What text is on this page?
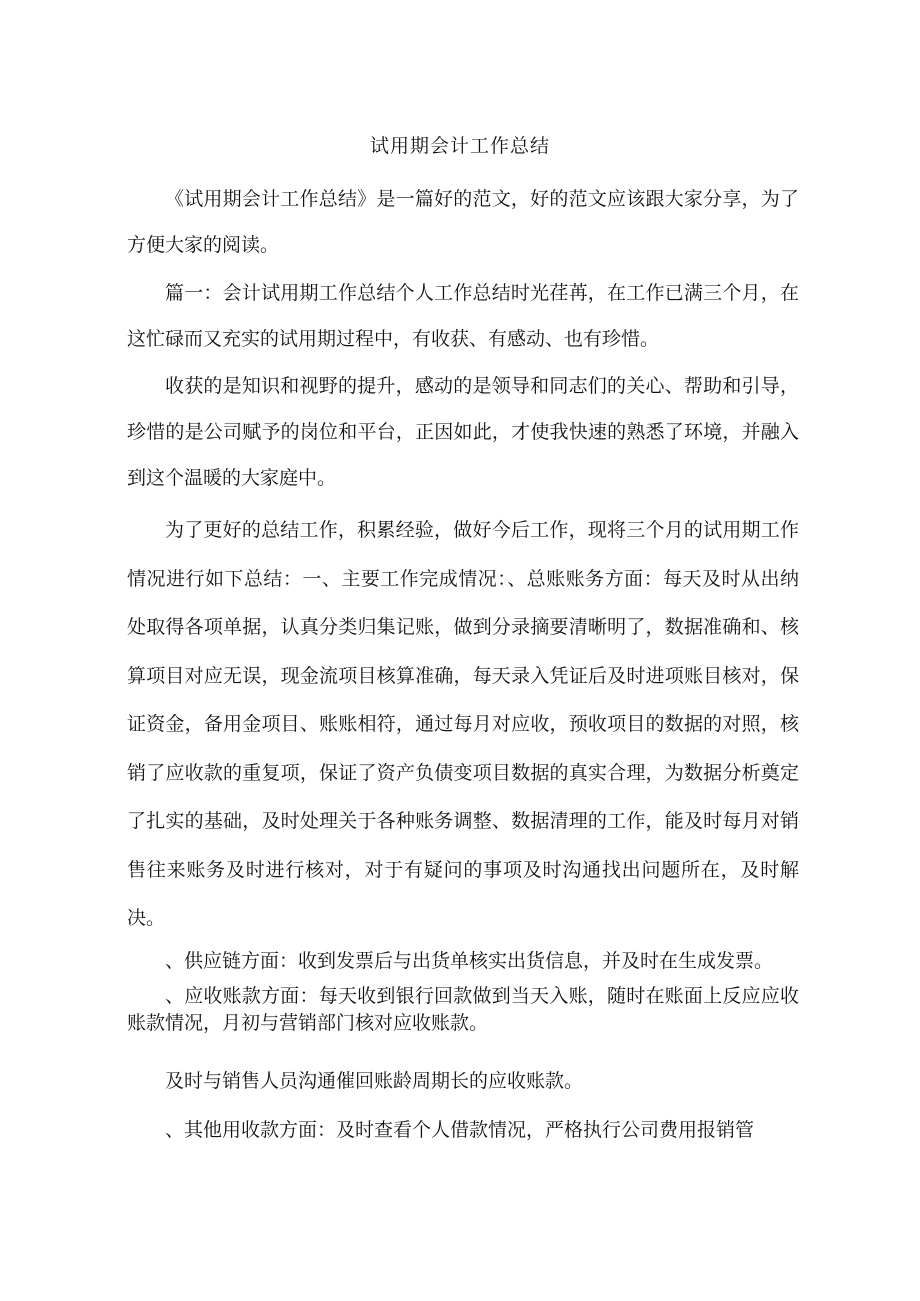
试用期会计工作总结

《试用期会计工作总结》是一篇好的范文，好的范文应该跟大家分享，为了方便大家的阅读。

篇一：会计试用期工作总结个人工作总结时光荏苒，在工作已满三个月，在这忙碌而又充实的试用期过程中，有收获、有感动、也有珍惜。

收获的是知识和视野的提升，感动的是领导和同志们的关心、帮助和引导，珍惜的是公司赋予的岗位和平台，正因如此，才使我快速的熟悉了环境，并融入到这个温暖的大家庭中。

为了更好的总结工作，积累经验，做好今后工作，现将三个月的试用期工作情况进行如下总结：一、主要工作完成情况：、总账账务方面：每天及时从出纳处取得各项单据，认真分类归集记账，做到分录摘要清晰明了，数据准确和、核算项目对应无误，现金流项目核算准确，每天录入凭证后及时进项账目核对，保证资金，备用金项目、账账相符，通过每月对应收，预收项目的数据的对照，核销了应收款的重复项，保证了资产负债变项目数据的真实合理，为数据分析奠定了扎实的基础，及时处理关于各种账务调整、数据清理的工作，能及时每月对销售往来账务及时进行核对，对于有疑问的事项及时沟通找出问题所在，及时解决。

、供应链方面：收到发票后与出货单核实出货信息，并及时在生成发票。

、应收账款方面：每天收到银行回款做到当天入账，随时在账面上反应应收账款情况，月初与营销部门核对应收账款。

及时与销售人员沟通催回账龄周期长的应收账款。

、其他用收款方面：及时查看个人借款情况，严格执行公司费用报销管
